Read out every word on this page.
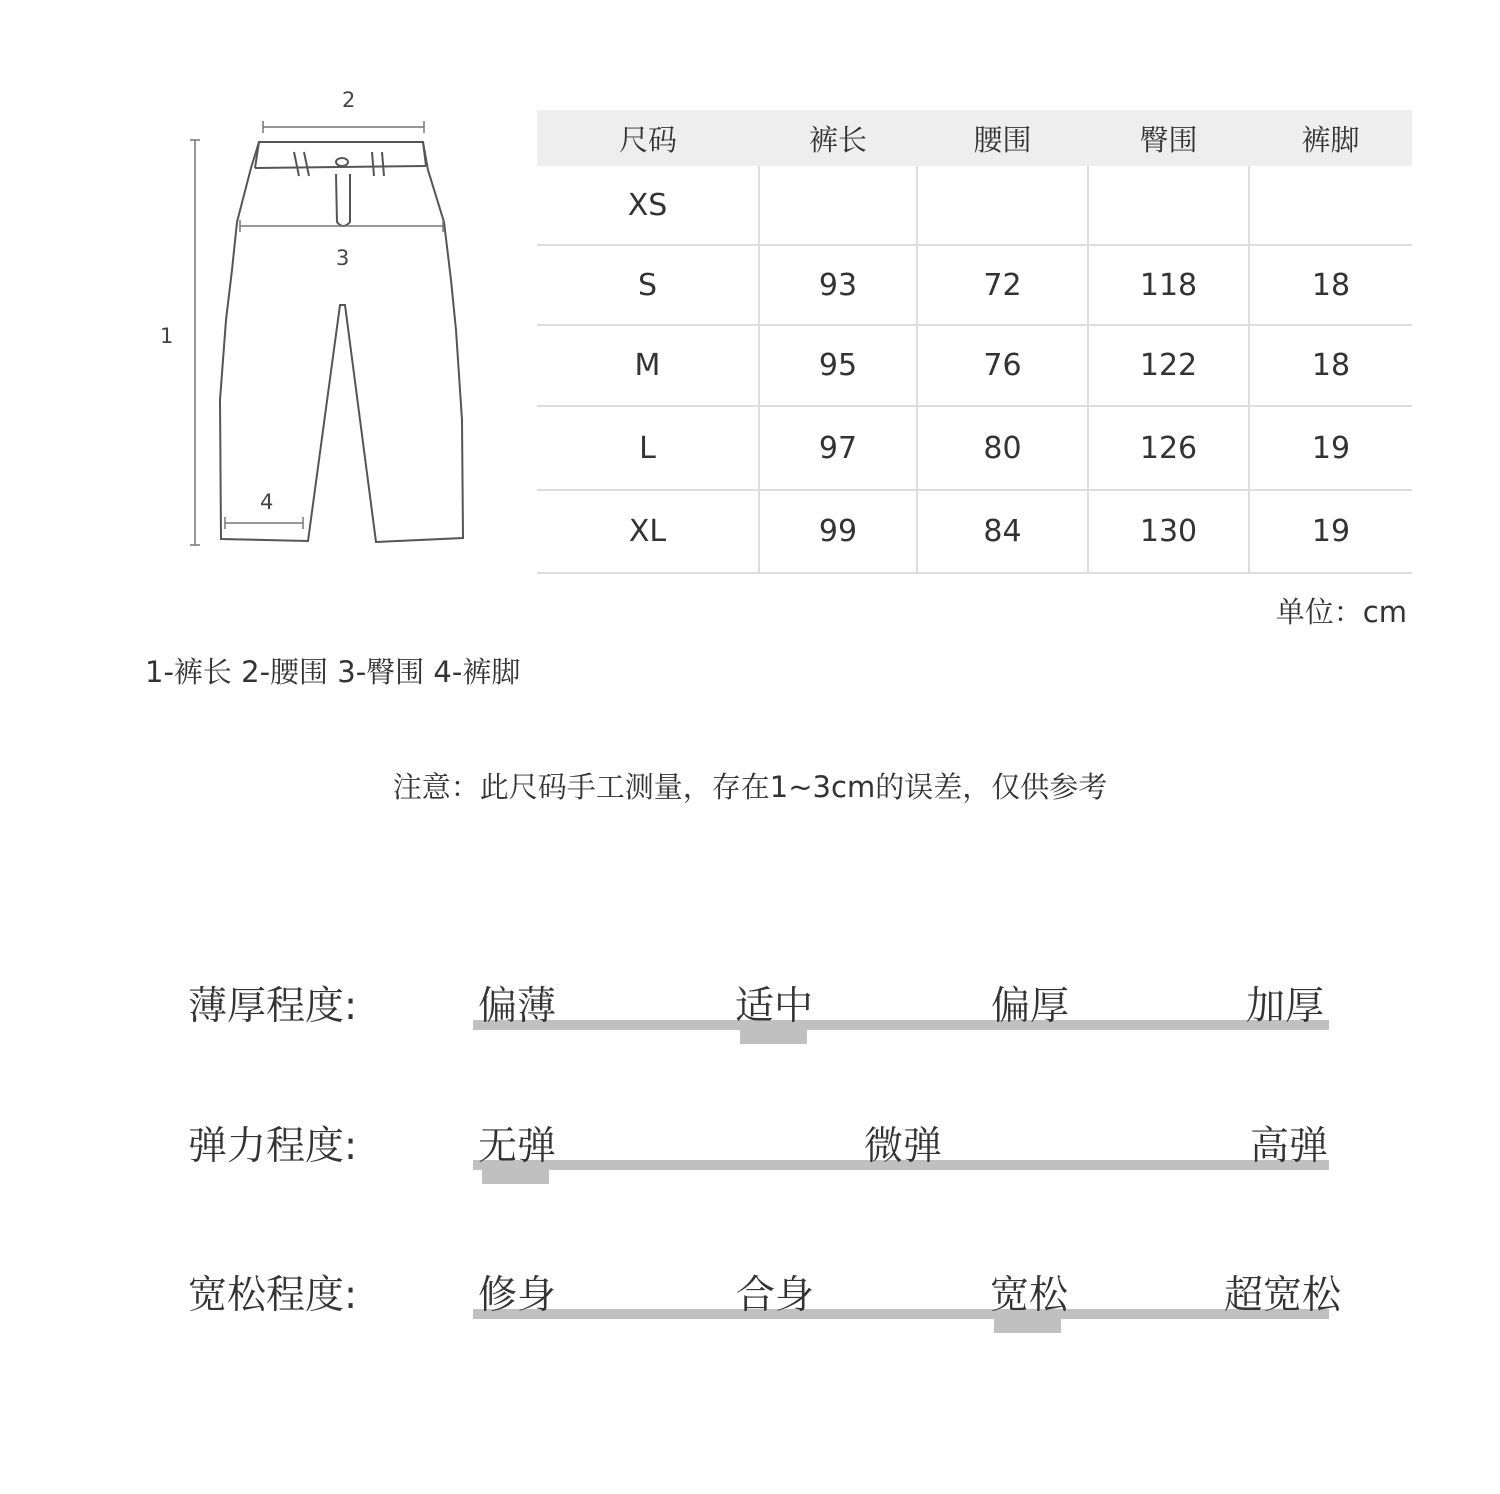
1
2
3
4
尺码	裤长	腰围	臀围	裤脚
XS				
S	93	72	118	18
M	95	76	122	18
L	97	80	126	19
XL	99	84	130	19
单位：cm
1-裤长 2-腰围 3-臀围 4-裤脚
注意：此尺码手工测量，存在1~3cm的误差，仅供参考
薄厚程度:	偏薄	适中	偏厚	加厚
弹力程度:	无弹	微弹	高弹
宽松程度:	修身	合身	宽松	超宽松
